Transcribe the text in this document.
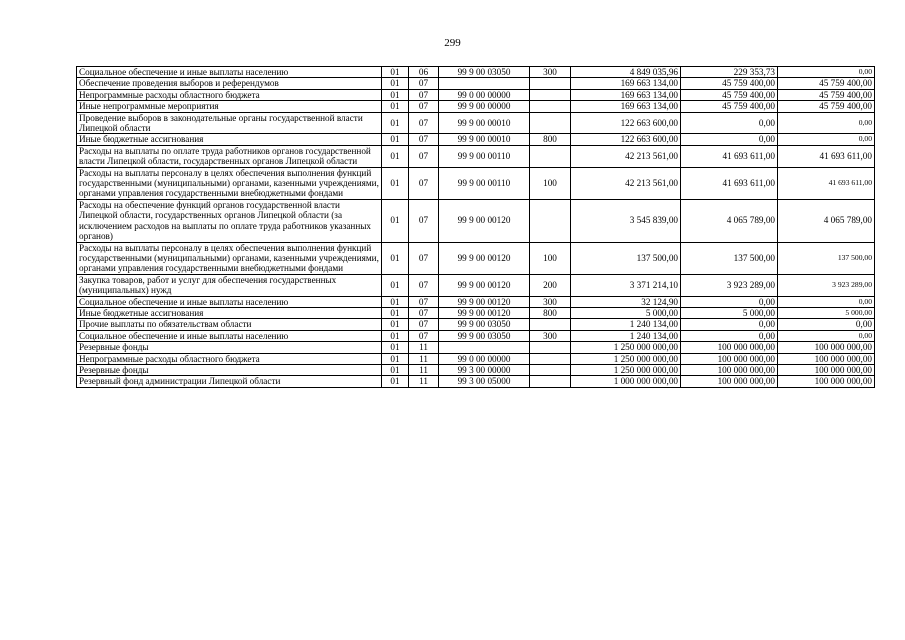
299
Социальное обеспечение и иные выплаты населению	01	06	99 9 00 03050	300	4 849 035,96	229 353,73	0,00
Обеспечение проведения выборов и референдумов	01	07			169 663 134,00	45 759 400,00	45 759 400,00
Непрограммные расходы областного бюджета	01	07	99 0 00 00000		169 663 134,00	45 759 400,00	45 759 400,00
Иные непрограммные мероприятия	01	07	99 9 00 00000		169 663 134,00	45 759 400,00	45 759 400,00
Проведение выборов в законодательные органы государственной власти Липецкой области	01	07	99 9 00 00010		122 663 600,00	0,00	0,00
Иные бюджетные ассигнования	01	07	99 9 00 00010	800	122 663 600,00	0,00	0,00
Расходы на выплаты по оплате труда работников органов государственной власти Липецкой области, государственных органов Липецкой области	01	07	99 9 00 00110		42 213 561,00	41 693 611,00	41 693 611,00
Расходы на выплаты персоналу в целях обеспечения выполнения функций государственными (муниципальными) органами, казенными учреждениями, органами управления государственными внебюджетными фондами	01	07	99 9 00 00110	100	42 213 561,00	41 693 611,00	41 693 611,00
Расходы на обеспечение функций органов государственной власти Липецкой области, государственных органов Липецкой области (за исключением расходов на выплаты по оплате труда работников указанных органов)	01	07	99 9 00 00120		3 545 839,00	4 065 789,00	4 065 789,00
Расходы на выплаты персоналу в целях обеспечения выполнения функций государственными (муниципальными) органами, казенными учреждениями, органами управления государственными внебюджетными фондами	01	07	99 9 00 00120	100	137 500,00	137 500,00	137 500,00
Закупка товаров, работ и услуг для обеспечения государственных (муниципальных) нужд	01	07	99 9 00 00120	200	3 371 214,10	3 923 289,00	3 923 289,00
Социальное обеспечение и иные выплаты населению	01	07	99 9 00 00120	300	32 124,90	0,00	0,00
Иные бюджетные ассигнования	01	07	99 9 00 00120	800	5 000,00	5 000,00	5 000,00
Прочие выплаты по обязательствам области	01	07	99 9 00 03050		1 240 134,00	0,00	0,00
Социальное обеспечение и иные выплаты населению	01	07	99 9 00 03050	300	1 240 134,00	0,00	0,00
Резервные фонды	01	11			1 250 000 000,00	100 000 000,00	100 000 000,00
Непрограммные расходы областного бюджета	01	11	99 0 00 00000		1 250 000 000,00	100 000 000,00	100 000 000,00
Резервные фонды	01	11	99 3 00 00000		1 250 000 000,00	100 000 000,00	100 000 000,00
Резервный фонд администрации Липецкой области	01	11	99 3 00 05000		1 000 000 000,00	100 000 000,00	100 000 000,00
